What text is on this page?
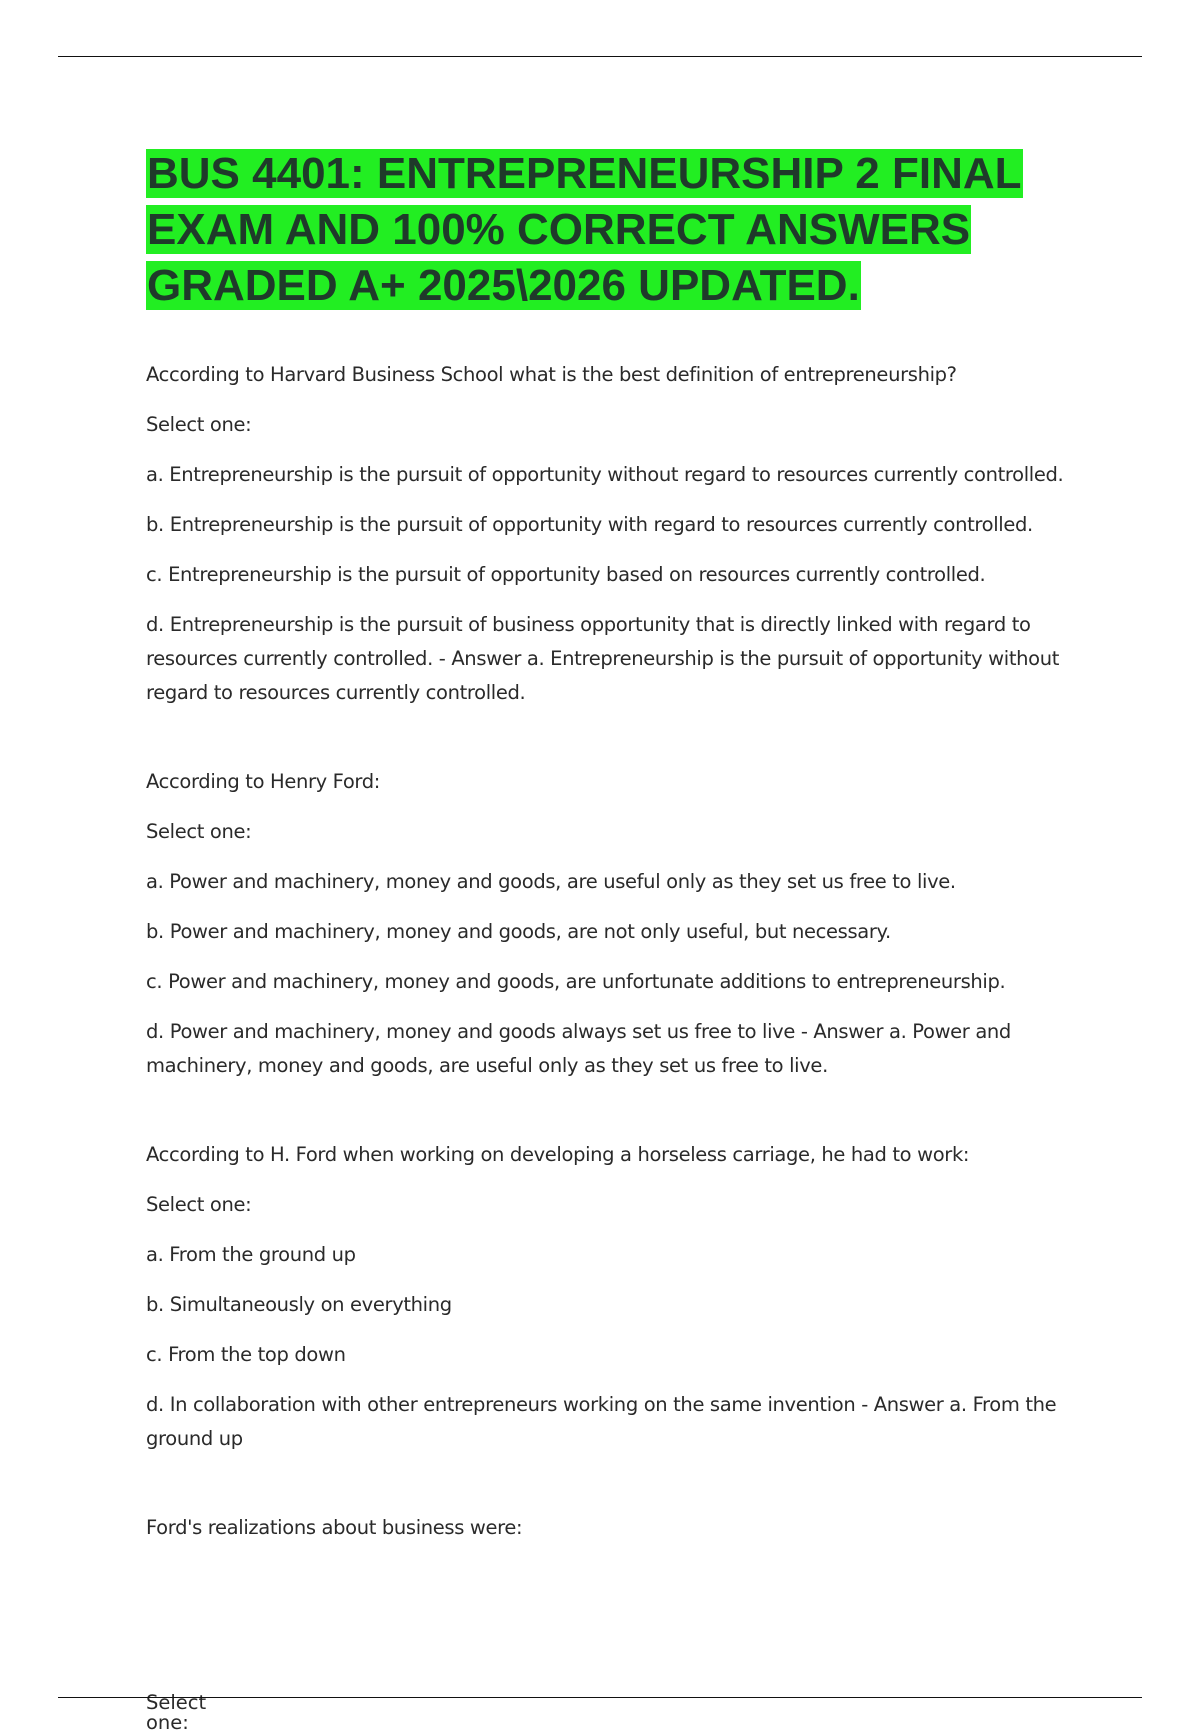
BUS 4401: ENTREPRENEURSHIP 2 FINAL EXAM AND 100% CORRECT ANSWERS GRADED A+ 2025\2026 UPDATED.

According to Harvard Business School what is the best definition of entrepreneurship?

Select one:

a. Entrepreneurship is the pursuit of opportunity without regard to resources currently controlled.

b. Entrepreneurship is the pursuit of opportunity with regard to resources currently controlled.

c. Entrepreneurship is the pursuit of opportunity based on resources currently controlled.

d. Entrepreneurship is the pursuit of business opportunity that is directly linked with regard to resources currently controlled. - Answer a. Entrepreneurship is the pursuit of opportunity without regard to resources currently controlled.

According to Henry Ford:

Select one:

a. Power and machinery, money and goods, are useful only as they set us free to live.

b. Power and machinery, money and goods, are not only useful, but necessary.

c. Power and machinery, money and goods, are unfortunate additions to entrepreneurship.

d. Power and machinery, money and goods always set us free to live - Answer a. Power and machinery, money and goods, are useful only as they set us free to live.

According to H. Ford when working on developing a horseless carriage, he had to work:

Select one:

a. From the ground up

b. Simultaneously on everything

c. From the top down

d. In collaboration with other entrepreneurs working on the same invention - Answer a. From the ground up

Ford's realizations about business were:

Select one:
